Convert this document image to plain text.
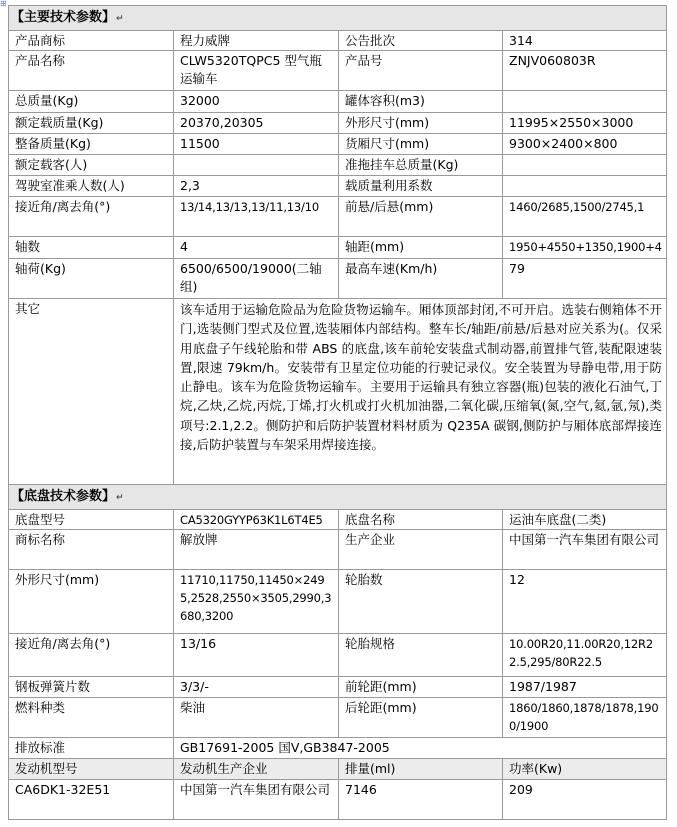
⊞
【主要技术参数】↵			
产品商标	程力威牌	公告批次	314
产品名称	CLW5320TQPC5 型气瓶运输车	产品号	ZNJV060803R
总质量(Kg)	32000	罐体容积(m3)	
额定载质量(Kg)	20370,20305	外形尺寸(mm)	11995×2550×3000
整备质量(Kg)	11500	货厢尺寸(mm)	9300×2400×800
额定载客(人)		准拖挂车总质量(Kg)	
驾驶室准乘人数(人)	2,3	载质量利用系数	
接近角/离去角(°)	13/14,13/13,13/11,13/10	前悬/后悬(mm)	1460/2685,1500/2745,1
轴数	4	轴距(mm)	1950+4550+1350,1900+4
轴荷(Kg)	6500/6500/19000(二轴组)	最高车速(Km/h)	79
其它	该车适用于运输危险品为危险货物运输车。厢体顶部封闭,不可开启。选装右侧箱体不开门,选装侧门型式及位置,选装厢体内部结构。整车长/轴距/前悬/后悬对应关系为(。仅采用底盘子午线轮胎和带 ABS 的底盘,该车前轮安装盘式制动器,前置排气管,装配限速装置,限速 79km/h。安装带有卫星定位功能的行驶记录仪。安全装置为导静电带,用于防止静电。该车为危险货物运输车。主要用于运输具有独立容器(瓶)包装的液化石油气,丁烷,乙炔,乙烷,丙烷,丁烯,打火机或打火机加油器,二氧化碳,压缩氧(氮,空气,氦,氩,氖),类项号:2.1,2.2。侧防护和后防护装置材料材质为 Q235A 碳钢,侧防护与厢体底部焊接连接,后防护装置与车架采用焊接连接。		
【底盘技术参数】↵			
底盘型号	CA5320GYYP63K1L6T4E5	底盘名称	运油车底盘(二类)
商标名称	解放牌	生产企业	中国第一汽车集团有限公司
外形尺寸(mm)	11710,11750,11450×2495,2528,2550×3505,2990,3680,3200	轮胎数	12
接近角/离去角(°)	13/16	轮胎规格	10.00R20,11.00R20,12R22.5,295/80R22.5
钢板弹簧片数	3/3/-	前轮距(mm)	1987/1987
燃料种类	柴油	后轮距(mm)	1860/1860,1878/1878,1900/1900
排放标准	GB17691-2005 国Ⅴ,GB3847-2005		
发动机型号	发动机生产企业	排量(ml)	功率(Kw)
CA6DK1-32E51	中国第一汽车集团有限公司	7146	209
